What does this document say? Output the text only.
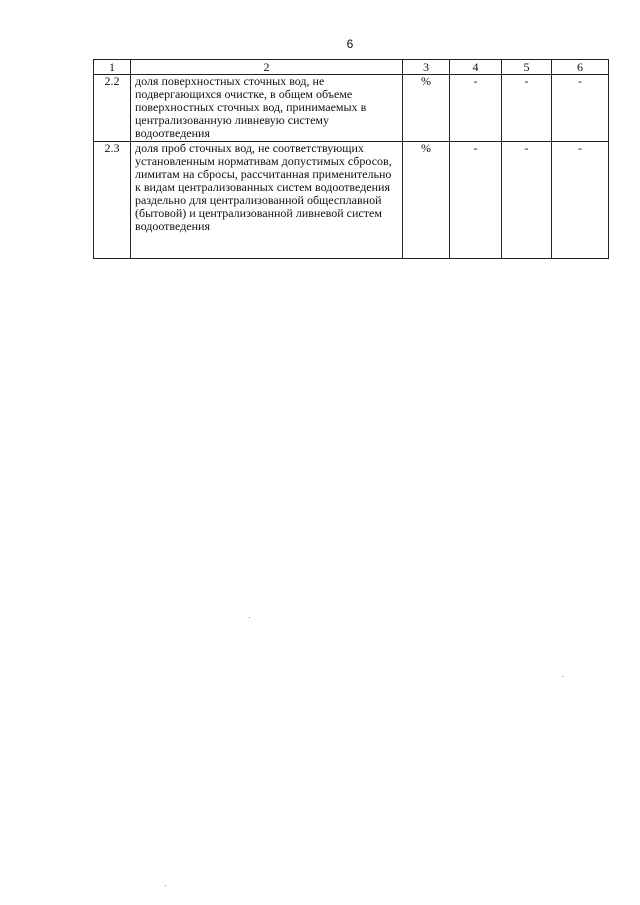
6
1	2	3	4	5	6
2.2	доля поверхностных сточных вод, не подвергающихся очистке, в общем объеме поверхностных сточных вод, принимаемых в централизованную ливневую систему водоотведения	%	-	-	-
2.3	доля проб сточных вод, не соответствующих установленным нормативам допустимых сбросов, лимитам на сбросы, рассчитанная применительно к видам централизованных систем водоотведения раздельно для централизованной общесплавной (бытовой) и централизованной ливневой систем водоотведения	%	-	-	-
